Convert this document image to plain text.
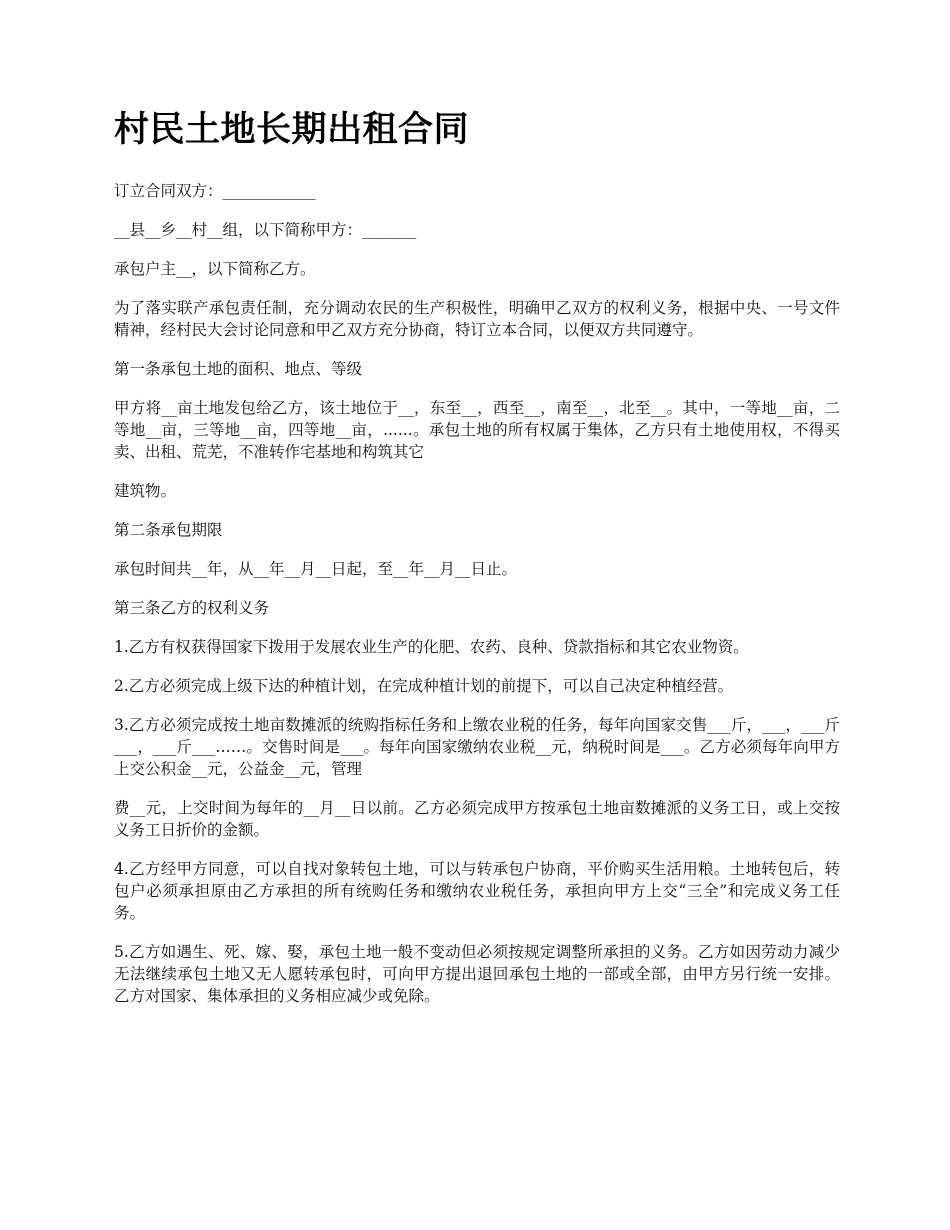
村民土地长期出租合同

订立合同双方：____________

__县__乡__村__组，以下简称甲方：_______

承包户主__，以下简称乙方。

为了落实联产承包责任制，充分调动农民的生产积极性，明确甲乙双方的权利义务，根据中央、一号文件精神，经村民大会讨论同意和甲乙双方充分协商，特订立本合同，以便双方共同遵守。

第一条承包土地的面积、地点、等级

甲方将__亩土地发包给乙方，该土地位于__，东至__，西至__，南至__，北至__。其中，一等地__亩，二等地__亩，三等地__亩，四等地__亩，......。承包土地的所有权属于集体，乙方只有土地使用权，不得买卖、出租、荒芜，不准转作宅基地和构筑其它

建筑物。

第二条承包期限

承包时间共__年，从__年__月__日起，至__年__月__日止。

第三条乙方的权利义务

1.乙方有权获得国家下拨用于发展农业生产的化肥、农药、良种、贷款指标和其它农业物资。

2.乙方必须完成上级下达的种植计划，在完成种植计划的前提下，可以自己决定种植经营。

3.乙方必须完成按土地亩数摊派的统购指标任务和上缴农业税的任务，每年向国家交售___斤，___，___斤___，___斤___……。交售时间是___。每年向国家缴纳农业税__元，纳税时间是___。乙方必须每年向甲方上交公积金__元，公益金__元，管理

费__元，上交时间为每年的__月__日以前。乙方必须完成甲方按承包土地亩数摊派的义务工日，或上交按义务工日折价的金额。

4.乙方经甲方同意，可以自找对象转包土地，可以与转承包户协商，平价购买生活用粮。土地转包后，转包户必须承担原由乙方承担的所有统购任务和缴纳农业税任务，承担向甲方上交“三全”和完成义务工任务。

5.乙方如遇生、死、嫁、娶，承包土地一般不变动但必须按规定调整所承担的义务。乙方如因劳动力减少无法继续承包土地又无人愿转承包时，可向甲方提出退回承包土地的一部或全部，由甲方另行统一安排。乙方对国家、集体承担的义务相应减少或免除。
